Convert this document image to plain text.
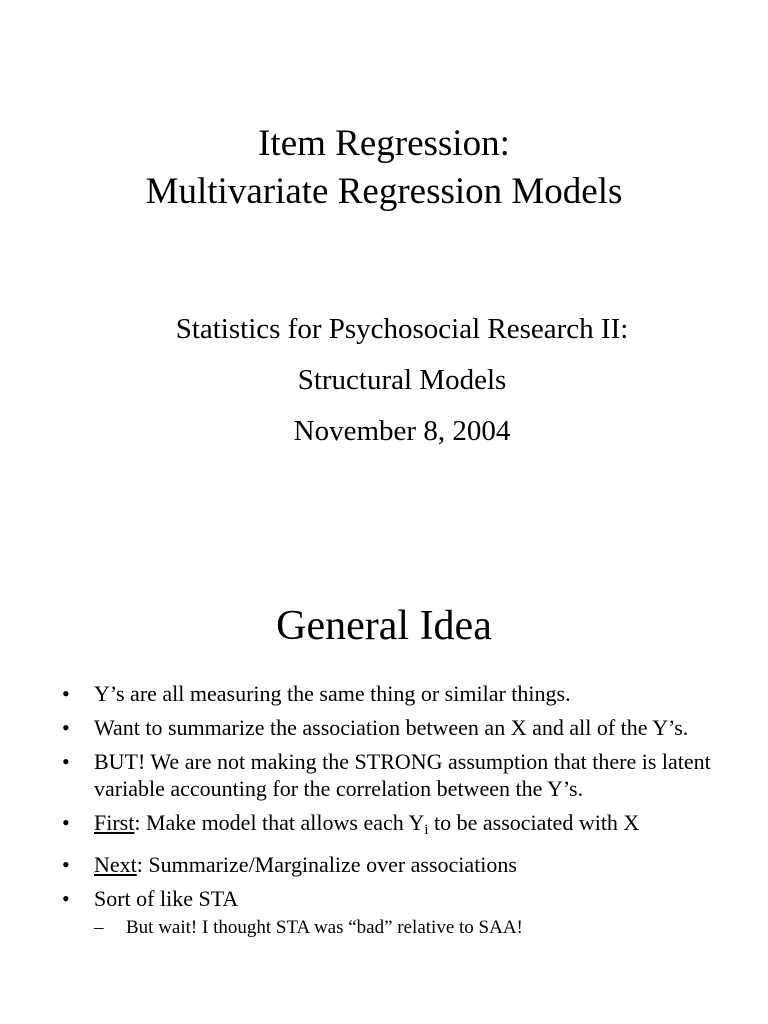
Item Regression:
Multivariate Regression Models
Statistics for Psychosocial Research II:
Structural Models
November 8, 2004
General Idea
• Y’s are all measuring the same thing or similar things.
• Want to summarize the association between an X and all of the Y’s.
• BUT! We are not making the STRONG assumption that there is latent variable accounting for the correlation between the Y’s.
• First: Make model that allows each $Y_i$ to be associated with X
• Next: Summarize/Marginalize over associations
• Sort of like STA
– But wait! I thought STA was “bad” relative to SAA!
